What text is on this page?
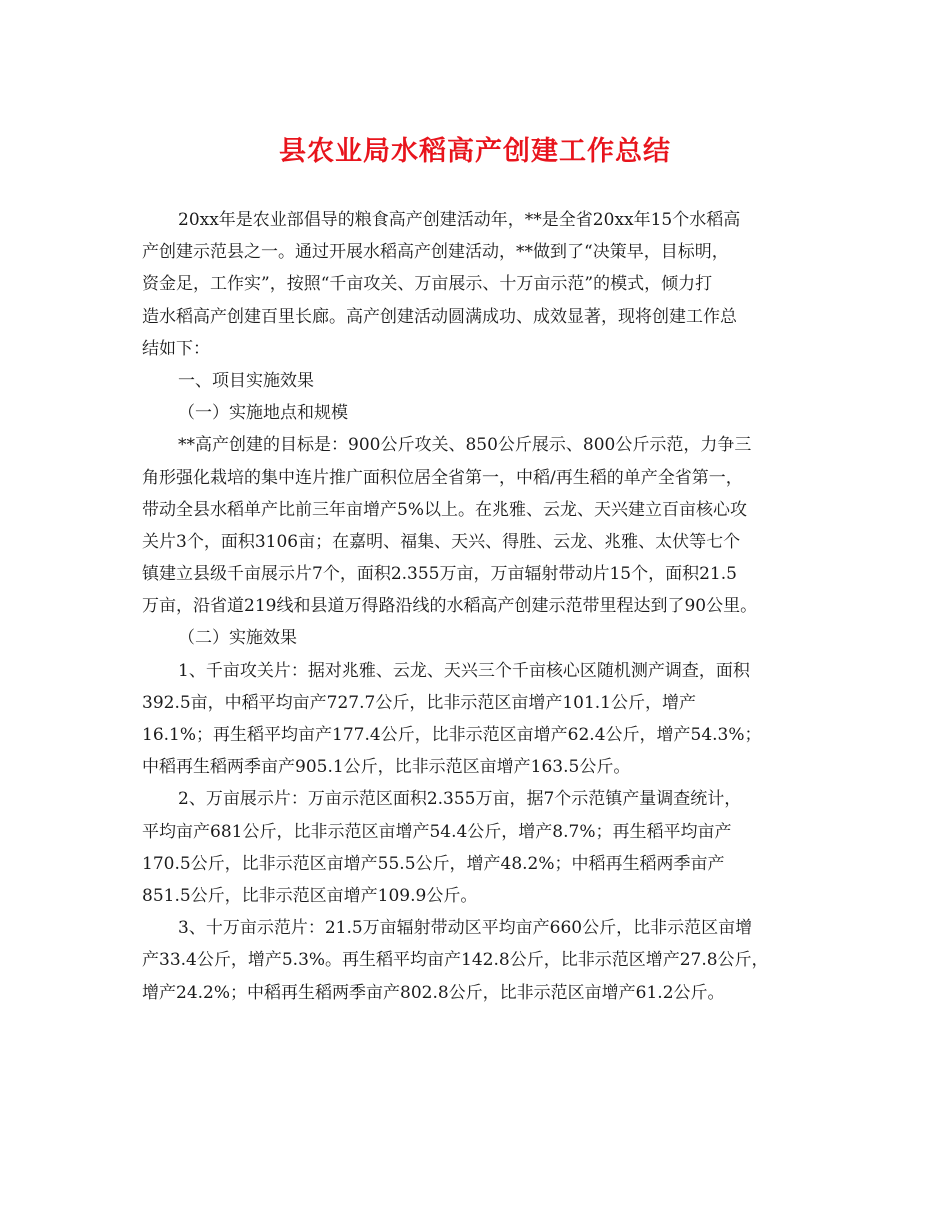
县农业局水稻高产创建工作总结
20xx年是农业部倡导的粮食高产创建活动年，**是全省20xx年15个水稻高
产创建示范县之一。通过开展水稻高产创建活动，**做到了“决策早，目标明，
资金足，工作实”，按照“千亩攻关、万亩展示、十万亩示范”的模式，倾力打
造水稻高产创建百里长廊。高产创建活动圆满成功、成效显著，现将创建工作总
结如下：
一、项目实施效果
（一）实施地点和规模
**高产创建的目标是：900公斤攻关、850公斤展示、800公斤示范，力争三
角形强化栽培的集中连片推广面积位居全省第一，中稻/再生稻的单产全省第一，
带动全县水稻单产比前三年亩增产5%以上。在兆雅、云龙、天兴建立百亩核心攻
关片3个，面积3106亩；在嘉明、福集、天兴、得胜、云龙、兆雅、太伏等七个
镇建立县级千亩展示片7个，面积2.355万亩，万亩辐射带动片15个，面积21.5
万亩，沿省道219线和县道万得路沿线的水稻高产创建示范带里程达到了90公里。
（二）实施效果
1、千亩攻关片：据对兆雅、云龙、天兴三个千亩核心区随机测产调查，面积
392.5亩，中稻平均亩产727.7公斤，比非示范区亩增产101.1公斤，增产
16.1%；再生稻平均亩产177.4公斤，比非示范区亩增产62.4公斤，增产54.3%；
中稻再生稻两季亩产905.1公斤，比非示范区亩增产163.5公斤。
2、万亩展示片：万亩示范区面积2.355万亩，据7个示范镇产量调查统计，
平均亩产681公斤，比非示范区亩增产54.4公斤，增产8.7%；再生稻平均亩产
170.5公斤，比非示范区亩增产55.5公斤，增产48.2%；中稻再生稻两季亩产
851.5公斤，比非示范区亩增产109.9公斤。
3、十万亩示范片：21.5万亩辐射带动区平均亩产660公斤，比非示范区亩增
产33.4公斤，增产5.3%。再生稻平均亩产142.8公斤，比非示范区增产27.8公斤，
增产24.2%；中稻再生稻两季亩产802.8公斤，比非示范区亩增产61.2公斤。
